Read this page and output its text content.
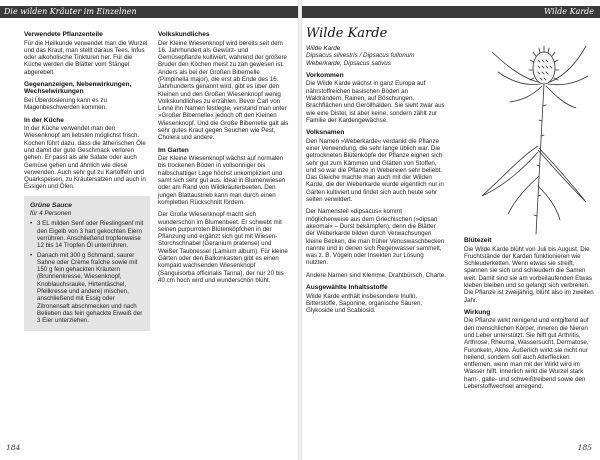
Die wilden Kräuter im Einzelnen
Verwendete Pflanzenteile

Für die Heilkunde verwendet man die Wurzel und das Kraut, man stellt daraus Tees, Infus oder alkoholische Tinkturen her. Für die Küche werden die Blätter vom Stängel abgerebelt.

Gegenanzeigen, Nebenwirkungen, Wechselwirkungen

Bei Überdosierung kann es zu Magenbeschwerden kommen.

In der Küche

In der Küche verwendet man den Wiesenknopf am liebsten möglichst frisch. Kochen führt dazu, dass die ätherischen Öle und damit der gute Geschmack verloren gehen. Er passt als alle Salate oder auch Gemüse gehen und ähnlich wie diese verwenden. Auch sehr gut zu Kartoffeln und Quarkspeisen, zu Kräutersalzen und auch in Essigen und Ölen.

Grüne Sauce
für 4 Personen
• 3 EL milden Senf oder Rieslingsenf mit den Eigelb von 3 hart gekochten Eiern verrühren. Anschließend tropfenweise 12 bis 14 Tropfen Öl unterrühren.
• Danach mit 300 g Schmand, saurer Sahne oder Crème fraîche sowie mit 150 g fein gehackten Kräutern (Brunnenkresse, Wiesenknopf, Knoblauchsrauke, Hirtentäschel, Pfeilkresse und andere) mischen, anschließend mit Essig oder Zitronensaft abschmecken und nach Belieben das fein gehackte Eiweiß der 3 Eier unterziehen.
Volkskundliches

Der Kleine Wiesenknopf wird bereits seit dem 16. Jahrhundert als Gewürz- und Gemüsepflanze kultiviert, während der größere Bruder den Köchen meist zu zäh gewesen ist. Anders als bei der Großen Bibernelle (Pimpinella major), die erst ab Ende des 16. Jahrhunderts genannt wird, gibt es über den Kleinen und den Großen Wiesenknopf wenig Volkskundliches zu erzählen. Bevor Carl von Linné ihn Namen festlegte, verstand man unter »Großer Bibernelle« jedoch oft den Kleinen Wiesenknopf. Und die Große Bibernelle galt als sehr gutes Kraut gegen Seuchen wie Pest, Cholera und andere.

Im Garten

Der Kleine Wiesenknopf wächst auf normalen bis trockenen Böden in vollsonniger bis halbschattiger Lage höchst unkompliziert und samt sich sehr gut aus. Ideal in Blumenwiesen oder am Rand von Wildkräuterbeeten. Den jungen Blattaustrieb kann man durch einen kompletten Rückschnitt fördern.

Der Große Wiesenknopf macht sich wunderschön im Blumenbeet. Er schwebt mit seinen purpurroten Blütenköpfchen in der Pflanzung und ergänzt sich gut mit Wiesen-Storchschnabel (Geranium pratense) und Weißer Taubnessel (Lamium album). Für kleine Gärten oder den Balkonkasten gibt es einen kompakt wachsenden Wiesenknopf (Sanguisorba officinalis Tanna), der nur 20 bis 40 cm hoch wird und wunderschön blüht.

184
Wilde Karde
Wilde Karde
Wilde Karde
Dipsacus silvestris / Dipsacus fullonum
Weberkarde, Dipsacus sativus
Vorkommen

Die Wilde Karde wächst in ganz Europa auf nährstoffreichen basischen Böden an Waldrändern, Rainen, auf Böschungen, Brachflächen und Geröllhalden. Sie sieht zwar aus wie eine Distel, ist aber keine, sondern zählt zur Familie der Kardengewächse.

Volksnamen

Den Namen »Weberkarde« verdankt die Pflanze einer Verwendung, die sehr lange üblich war. Die getrockneten Blütenköpfe der Pflanze eignen sich sehr gut zum Kämmen und Glätten von Stoffen, und so war die Pflanze in Webereien sehr beliebt. Das Gleiche machte man auch mit der Wilden Karde, die der Weberkarde wurde eigentlich nur in Gärten kultiviert und findet sich auch heute sehr selten verwildert.

Der Namensteil »dipsacus« kommt möglicherweise aus dem Griechischen (»dipsan akeomai« – Durst bekämpfen), denn die Blätter der Weberkarde bilden durch Verwachsungen kleine Becken, die man früher Venuswaschbecken nannte und in denen sich Regenwasser sammelt, was z. B. Vögeln oder Insekten zur Lösung nutzten.

Andere Namen sind Klemme, Drahtbürsch, Charte.

Ausgewählte Inhaltsstoffe

Wilde Karde enthält insbesondere Inulin, Bitterstoffe, Saponine, organische Säuren, Glykoside und Scabiosid.

Blütezeit

Die Wilde Karde blüht von Juli bis August. Die Fruchtstände der Karden funktionieren wie Schleuderketten. Wenn etwas sie streift, spannen sie sich und schleudern die Samen weit. Damit sind sie am vorbeilaufenden Etwas kleben bleiben und so gelangt sich verbreiten. Die Pflanze ist zweijährig, blüht also im zweiten Jahr.

Wirkung

Die Pflanze wirkt reinigend und entgiftend auf den menschlichen Körper, inneren die Nieren und Leber unterstützt. Sie hilft gut Arthritis, Arthrose, Rheuma, Wassersucht, Dermatose, Furunkeln, Akne. Äußerlich wirkt sie nicht nur heilend, sondern soll auch Alterflecken entfernen, wenn man mit der Wirkt wird im Wasser hilft. Innerlich wirkt die Wurzel stark harn-, galle- und schweißtreibend sowie den Leberstoffwechsel anregend.

185
